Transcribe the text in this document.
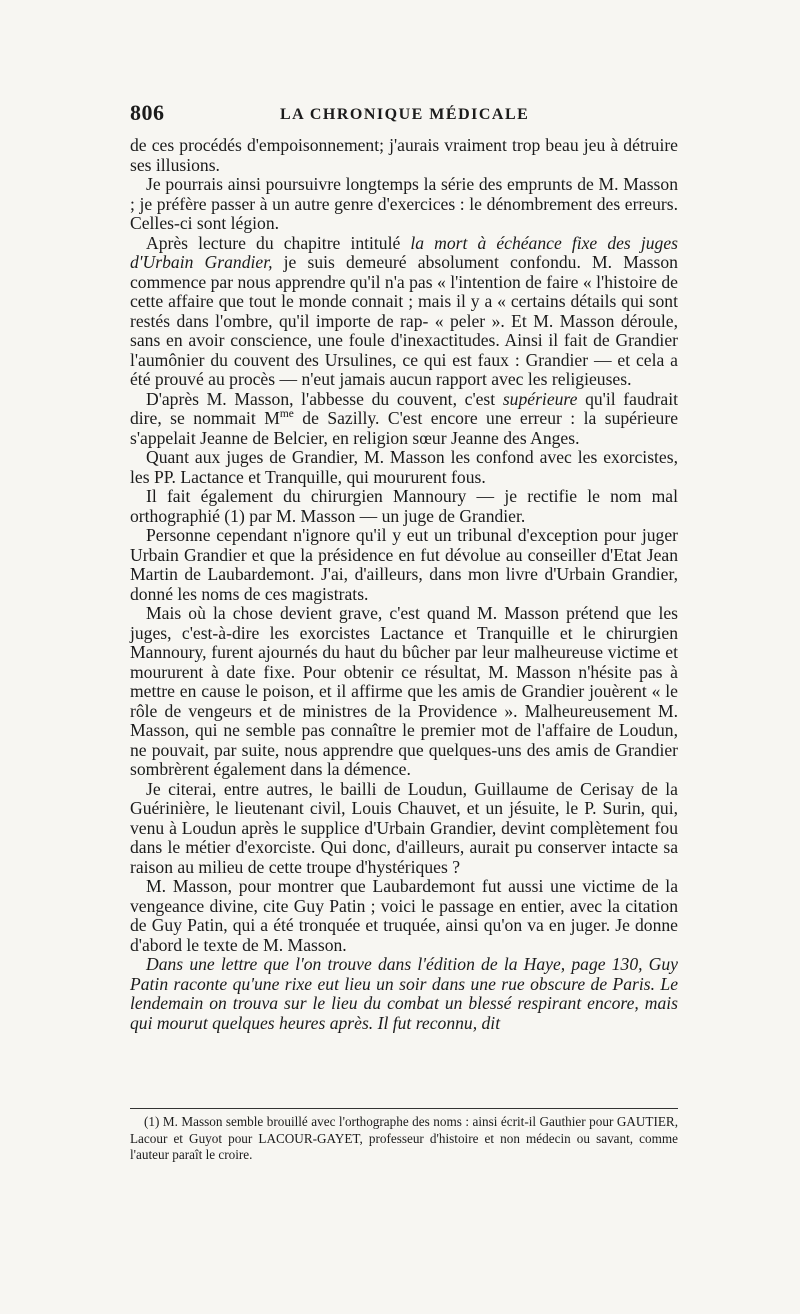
806	LA CHRONIQUE MÉDICALE

de ces procédés d'empoisonnement; j'aurais vraiment trop beau jeu à détruire ses illusions.

Je pourrais ainsi poursuivre longtemps la série des emprunts de M. Masson ; je préfère passer à un autre genre d'exercices : le dénombrement des erreurs. Celles-ci sont légion.

Après lecture du chapitre intitulé la mort à échéance fixe des juges d'Urbain Grandier, je suis demeuré absolument confondu. M. Masson commence par nous apprendre qu'il n'a pas « l'intention de faire « l'histoire de cette affaire que tout le monde connait ; mais il y a « certains détails qui sont restés dans l'ombre, qu'il importe de rap- « peler ». Et M. Masson déroule, sans en avoir conscience, une foule d'inexactitudes. Ainsi il fait de Grandier l'aumônier du couvent des Ursulines, ce qui est faux : Grandier — et cela a été prouvé au procès — n'eut jamais aucun rapport avec les religieuses.

D'après M. Masson, l'abbesse du couvent, c'est supérieure qu'il faudrait dire, se nommait $M^{me}$ de Sazilly. C'est encore une erreur : la supérieure s'appelait Jeanne de Belcier, en religion sœur Jeanne des Anges.

Quant aux juges de Grandier, M. Masson les confond avec les exorcistes, les PP. Lactance et Tranquille, qui moururent fous.

Il fait également du chirurgien Mannoury — je rectifie le nom mal orthographié (1) par M. Masson — un juge de Grandier.

Personne cependant n'ignore qu'il y eut un tribunal d'exception pour juger Urbain Grandier et que la présidence en fut dévolue au conseiller d'Etat Jean Martin de Laubardemont. J'ai, d'ailleurs, dans mon livre d'Urbain Grandier, donné les noms de ces magistrats.

Mais où la chose devient grave, c'est quand M. Masson prétend que les juges, c'est-à-dire les exorcistes Lactance et Tranquille et le chirurgien Mannoury, furent ajournés du haut du bûcher par leur malheureuse victime et moururent à date fixe. Pour obtenir ce résultat, M. Masson n'hésite pas à mettre en cause le poison, et il affirme que les amis de Grandier jouèrent « le rôle de vengeurs et de ministres de la Providence ». Malheureusement M. Masson, qui ne semble pas connaître le premier mot de l'affaire de Loudun, ne pouvait, par suite, nous apprendre que quelques-uns des amis de Grandier sombrèrent également dans la démence.

Je citerai, entre autres, le bailli de Loudun, Guillaume de Cerisay de la Guérinière, le lieutenant civil, Louis Chauvet, et un jésuite, le P. Surin, qui, venu à Loudun après le supplice d'Urbain Grandier, devint complètement fou dans le métier d'exorciste. Qui donc, d'ailleurs, aurait pu conserver intacte sa raison au milieu de cette troupe d'hystériques ?

M. Masson, pour montrer que Laubardemont fut aussi une victime de la vengeance divine, cite Guy Patin ; voici le passage en entier, avec la citation de Guy Patin, qui a été tronquée et truquée, ainsi qu'on va en juger. Je donne d'abord le texte de M. Masson.

Dans une lettre que l'on trouve dans l'édition de la Haye, page 130, Guy Patin raconte qu'une rixe eut lieu un soir dans une rue obscure de Paris. Le lendemain on trouva sur le lieu du combat un blessé respirant encore, mais qui mourut quelques heures après. Il fut reconnu, dit

(1) M. Masson semble brouillé avec l'orthographe des noms : ainsi écrit-il Gauthier pour GAUTIER, Lacour et Guyot pour LACOUR-GAYET, professeur d'histoire et non médecin ou savant, comme l'auteur paraît le croire.
